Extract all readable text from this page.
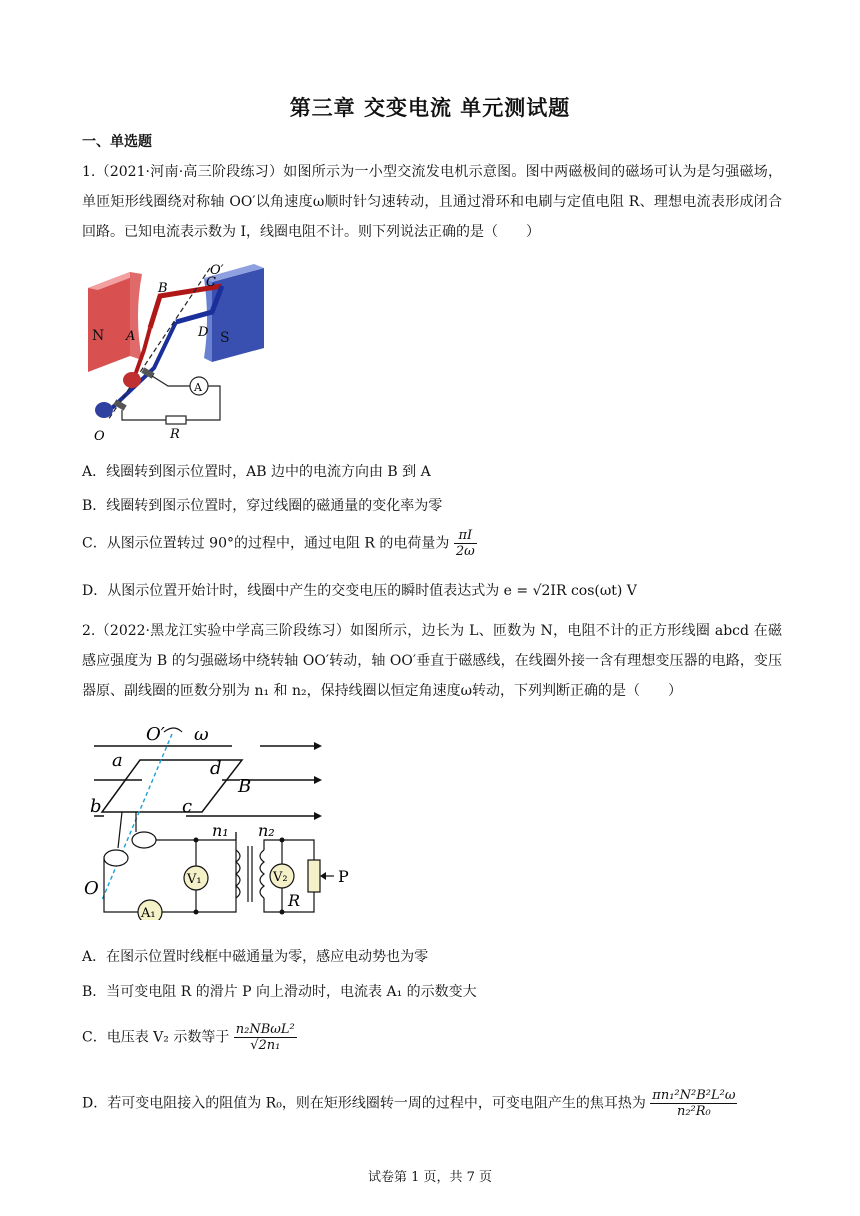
第三章 交变电流 单元测试题
一、单选题
1.（2021·河南·高三阶段练习）如图所示为一小型交流发电机示意图。图中两磁极间的磁场可认为是匀强磁场，单匝矩形线圈绕对称轴 OO′以角速度ω顺时针匀速转动，且通过滑环和电刷与定值电阻 R、理想电流表形成闭合回路。已知电流表示数为 I，线圈电阻不计。则下列说法正确的是（　　）
N	S
A
B	C
D
O′
O
A
R
A．线圈转到图示位置时，AB 边中的电流方向由 B 到 A
B．线圈转到图示位置时，穿过线圈的磁通量的变化率为零
C．从图示位置转过 90°的过程中，通过电阻 R 的电荷量为 $\frac{\pi I}{2\omega}$
D．从图示位置开始计时，线圈中产生的交变电压的瞬时值表达式为 e = √2IR cos(ωt) V
2.（2022·黑龙江实验中学高三阶段练习）如图所示，边长为 L、匝数为 N，电阻不计的正方形线圈 abcd 在磁感应强度为 B 的匀强磁场中绕转轴 OO′转动，轴 OO′垂直于磁感线，在线圈外接一含有理想变压器的电路，变压器原、副线圈的匝数分别为 n₁ 和 n₂，保持线圈以恒定角速度ω转动，下列判断正确的是（　　）
O′ ω
a	d
B
b	c
n₁ n₂
V₁	V₂	P
O
A₁
R
A．在图示位置时线框中磁通量为零，感应电动势也为零
B．当可变电阻 R 的滑片 P 向上滑动时，电流表 A₁ 的示数变大
C．电压表 V₂ 示数等于 $\frac{\text{n₂NBωL²}}{\text{√2n₁}}$
D．若可变电阻接入的阻值为 R₀，则在矩形线圈转一周的过程中，可变电阻产生的焦耳热为 $\frac{\text{πn₁²N²B²L²ω}}{\text{n₂²R₀}}$
试卷第 1 页，共 7 页
